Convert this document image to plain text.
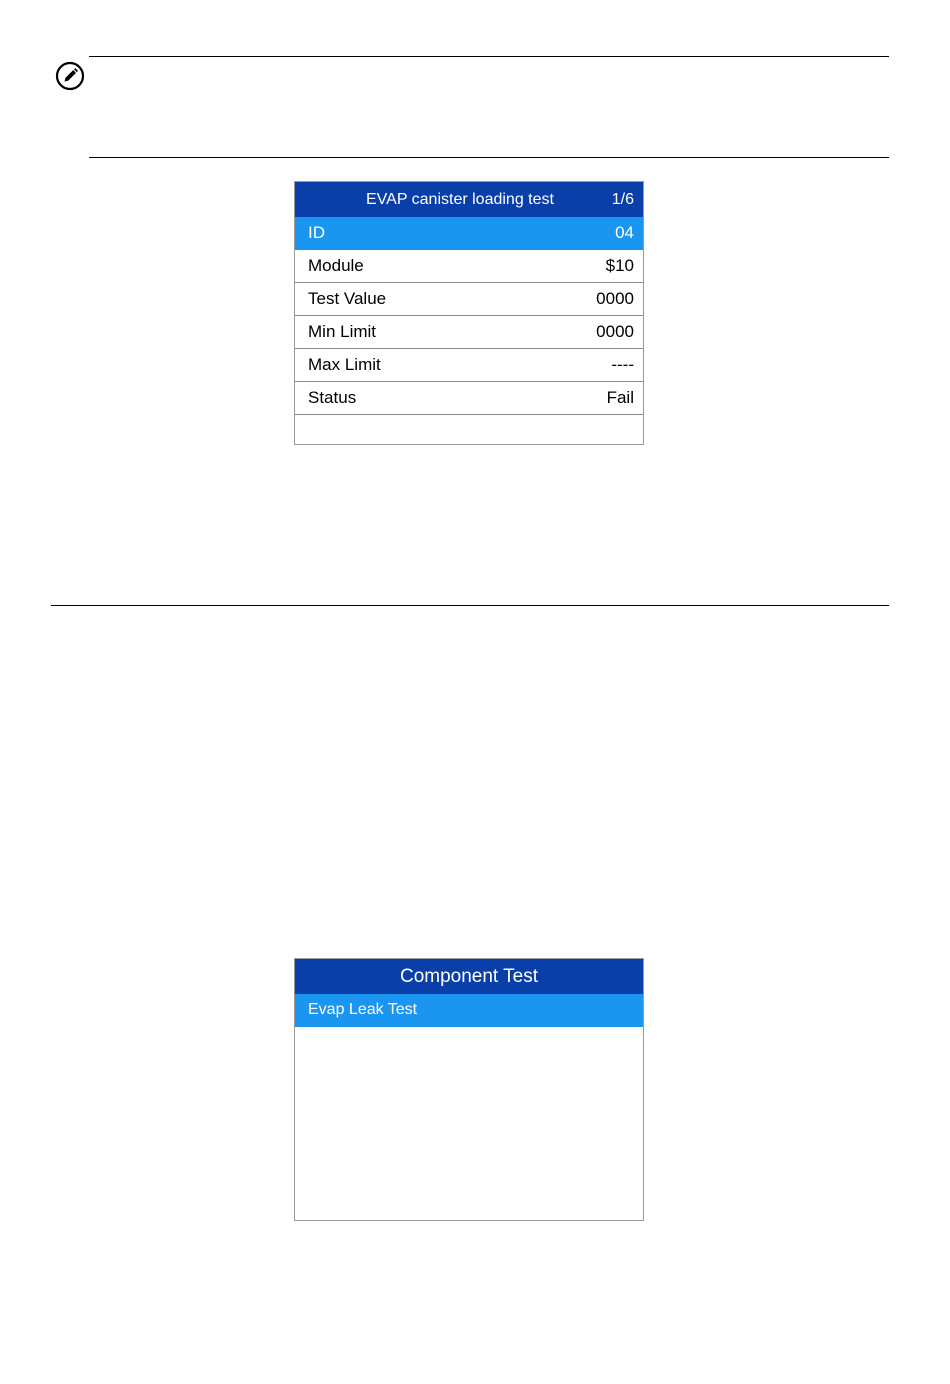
EVAP canister loading test	1/6
ID	04
Module	$10
Test Value	0000
Min Limit	0000
Max Limit	----
Status	Fail
Component Test
Evap Leak Test
